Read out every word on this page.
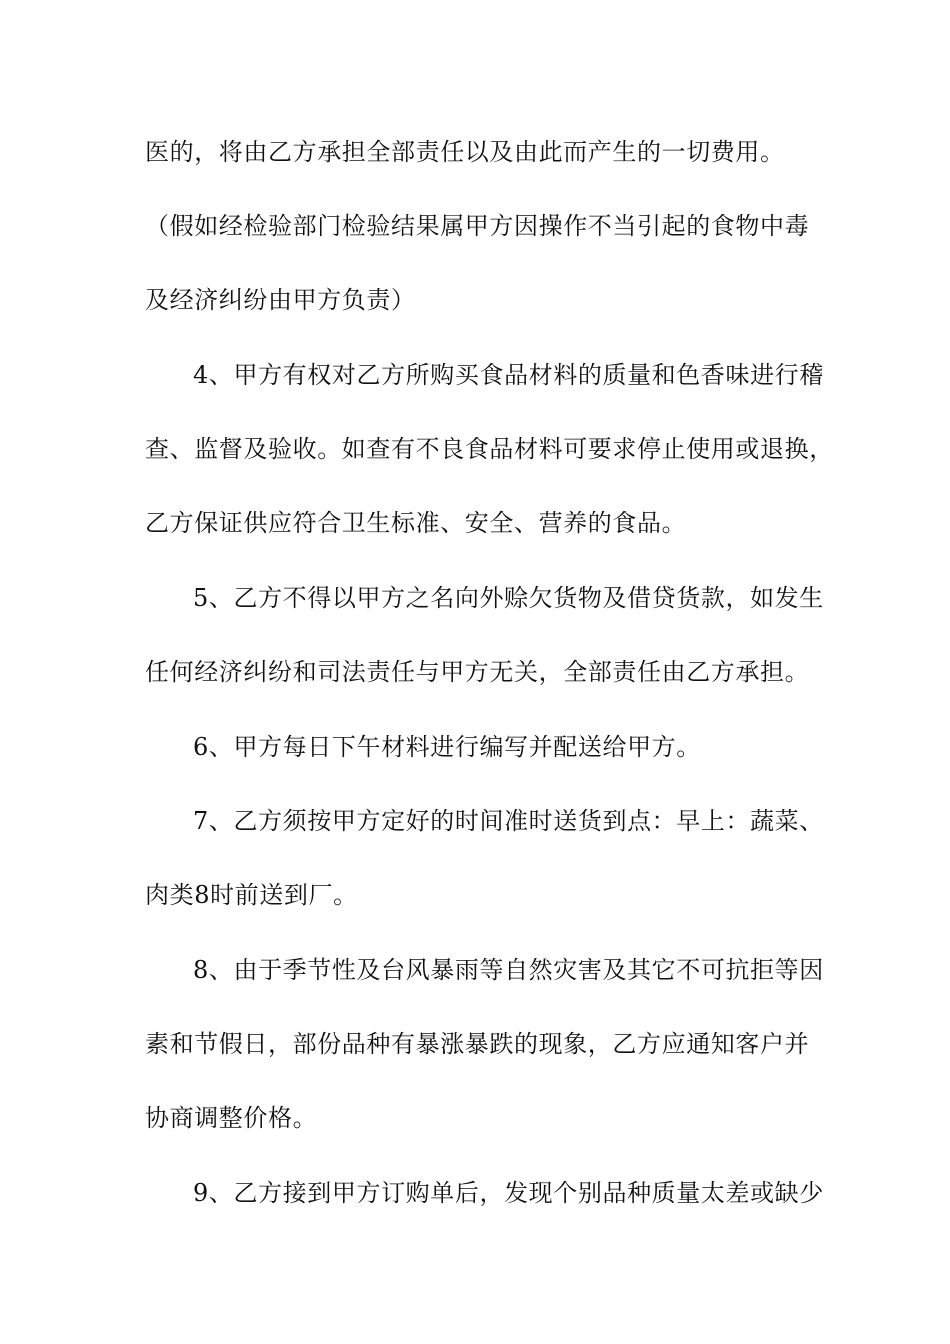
医的，将由乙方承担全部责任以及由此而产生的一切费用。
（假如经检验部门检验结果属甲方因操作不当引起的食物中毒
及经济纠纷由甲方负责）
4、甲方有权对乙方所购买食品材料的质量和色香味进行稽
查、监督及验收。如查有不良食品材料可要求停止使用或退换，
乙方保证供应符合卫生标准、安全、营养的食品。
5、乙方不得以甲方之名向外赊欠货物及借贷货款，如发生
任何经济纠纷和司法责任与甲方无关，全部责任由乙方承担。
6、甲方每日下午材料进行编写并配送给甲方。
7、乙方须按甲方定好的时间准时送货到点：早上：蔬菜、
肉类8时前送到厂。
8、由于季节性及台风暴雨等自然灾害及其它不可抗拒等因
素和节假日，部份品种有暴涨暴跌的现象，乙方应通知客户并
协商调整价格。
9、乙方接到甲方订购单后，发现个别品种质量太差或缺少
